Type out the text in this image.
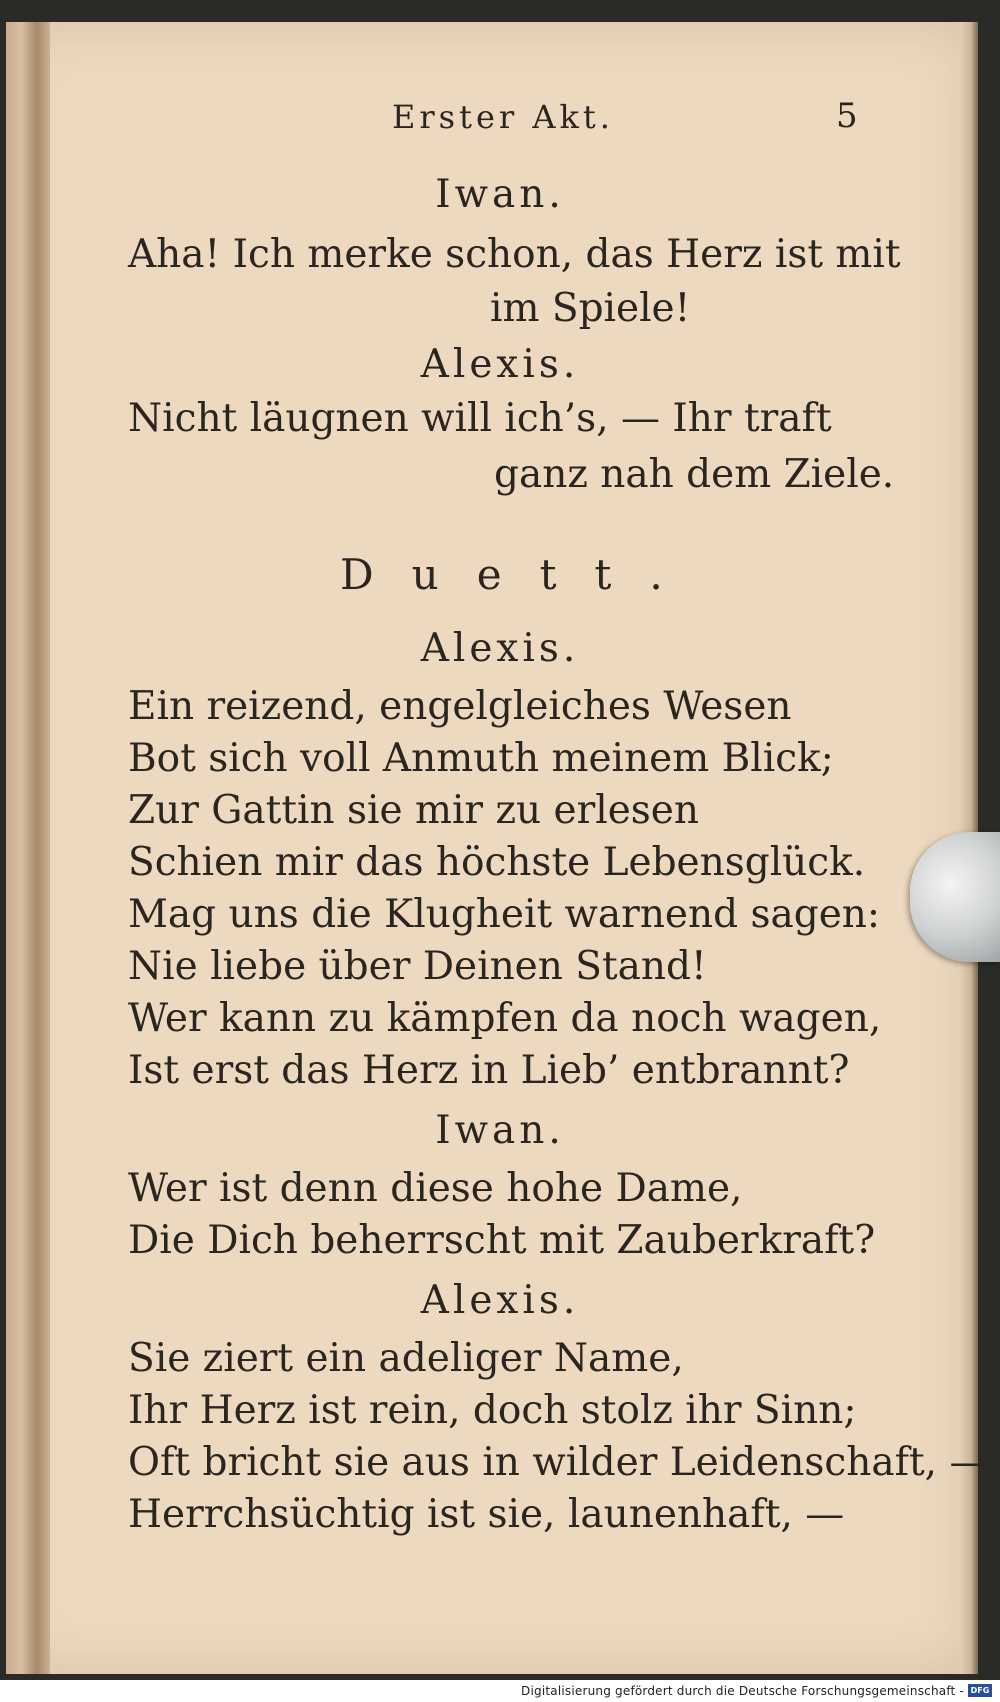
Erster Akt.	5
Iwan.
Aha! Ich merke schon, das Herz ist mit
im Spiele!
Alexis.
Nicht läugnen will ich’s, — Ihr traft
ganz nah dem Ziele.
Duett.
Alexis.
Ein reizend, engelgleiches Wesen
Bot sich voll Anmuth meinem Blick;
Zur Gattin sie mir zu erlesen
Schien mir das höchste Lebensglück.
Mag uns die Klugheit warnend sagen:
Nie liebe über Deinen Stand!
Wer kann zu kämpfen da noch wagen,
Ist erst das Herz in Lieb’ entbrannt?
Iwan.
Wer ist denn diese hohe Dame,
Die Dich beherrscht mit Zauberkraft?
Alexis.
Sie ziert ein adeliger Name,
Ihr Herz ist rein, doch stolz ihr Sinn;
Oft bricht sie aus in wilder Leidenschaft, —
Herrchsüchtig ist sie, launenhaft, —
Digitalisierung gefördert durch die Deutsche Forschungsgemeinschaft - DFG
